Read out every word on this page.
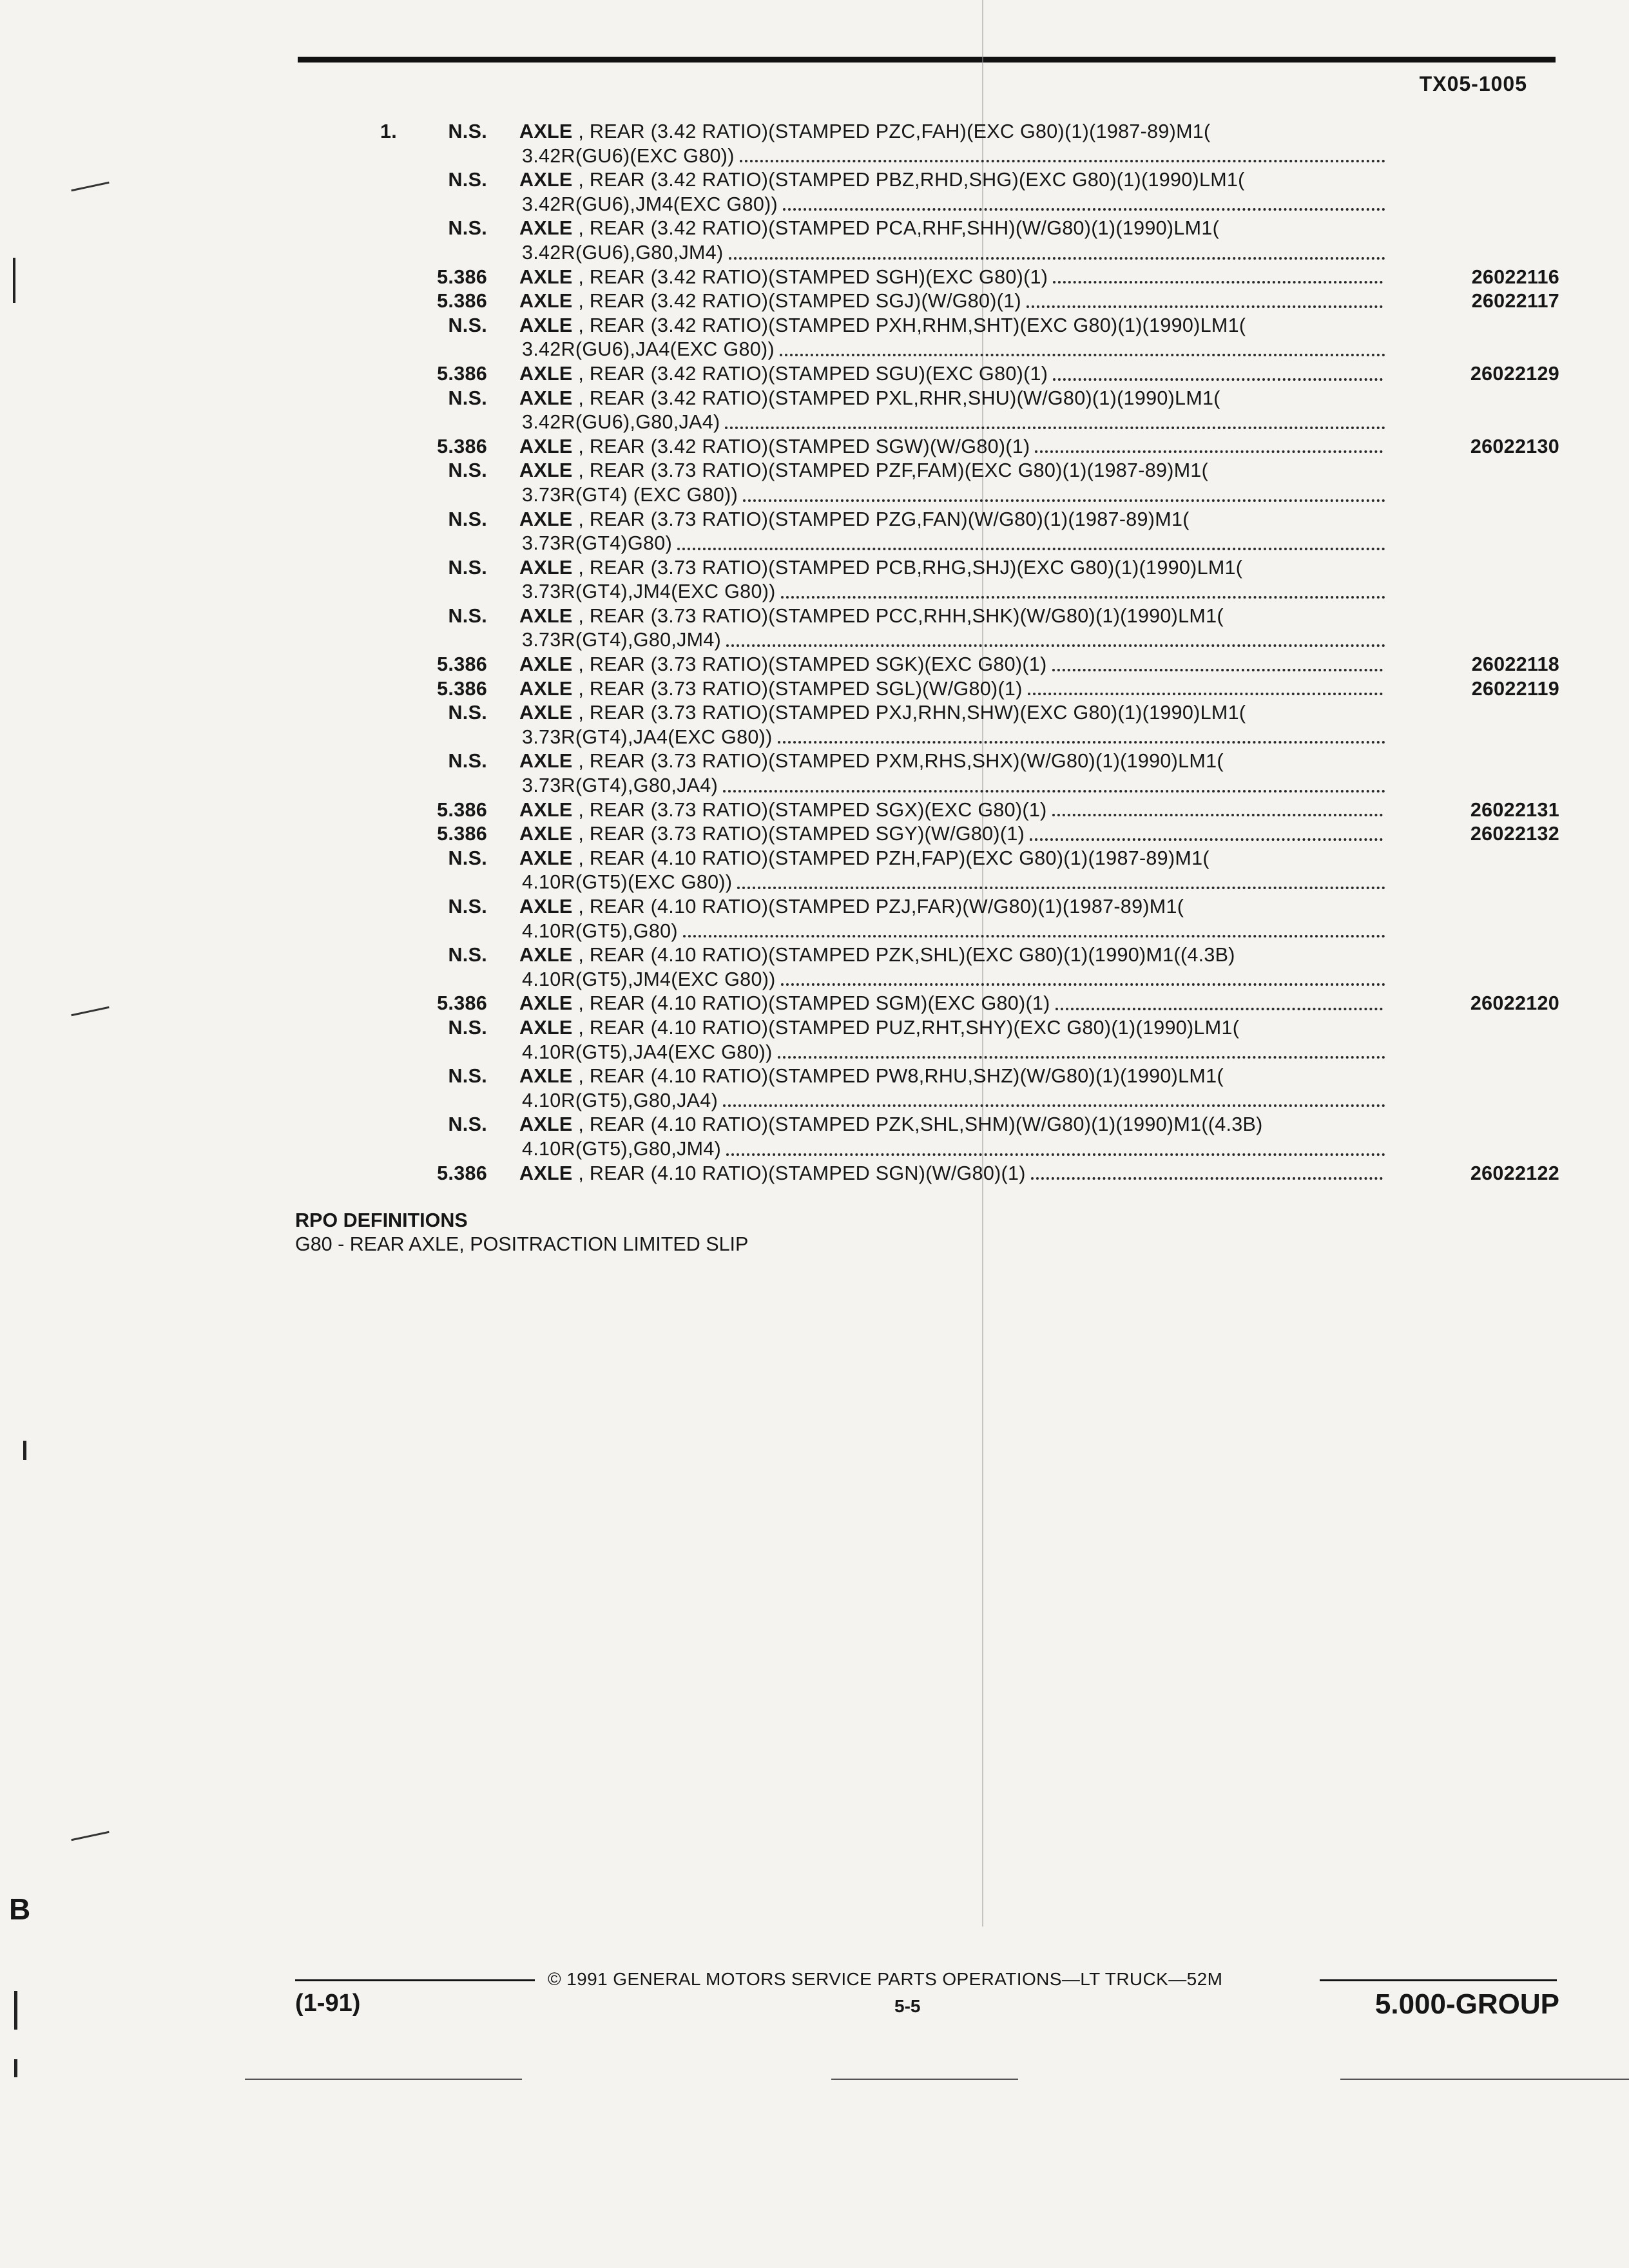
TX05-1005
1.	N.S. AXLE , REAR (3.42 RATIO)(STAMPED PZC,FAH)(EXC G80)(1)(1987-89)M1(
3.42R(GU6)(EXC G80))
N.S. AXLE , REAR (3.42 RATIO)(STAMPED PBZ,RHD,SHG)(EXC G80)(1)(1990)LM1(
3.42R(GU6),JM4(EXC G80))
N.S. AXLE , REAR (3.42 RATIO)(STAMPED PCA,RHF,SHH)(W/G80)(1)(1990)LM1(
3.42R(GU6),G80,JM4)
5.386 AXLE , REAR (3.42 RATIO)(STAMPED SGH)(EXC G80)(1)	26022116
5.386 AXLE , REAR (3.42 RATIO)(STAMPED SGJ)(W/G80)(1)	26022117
N.S. AXLE , REAR (3.42 RATIO)(STAMPED PXH,RHM,SHT)(EXC G80)(1)(1990)LM1(
3.42R(GU6),JA4(EXC G80))
5.386 AXLE , REAR (3.42 RATIO)(STAMPED SGU)(EXC G80)(1)	26022129
N.S. AXLE , REAR (3.42 RATIO)(STAMPED PXL,RHR,SHU)(W/G80)(1)(1990)LM1(
3.42R(GU6),G80,JA4)
5.386 AXLE , REAR (3.42 RATIO)(STAMPED SGW)(W/G80)(1)	26022130
N.S. AXLE , REAR (3.73 RATIO)(STAMPED PZF,FAM)(EXC G80)(1)(1987-89)M1(
3.73R(GT4) (EXC G80))
N.S. AXLE , REAR (3.73 RATIO)(STAMPED PZG,FAN)(W/G80)(1)(1987-89)M1(
3.73R(GT4)G80)
N.S. AXLE , REAR (3.73 RATIO)(STAMPED PCB,RHG,SHJ)(EXC G80)(1)(1990)LM1(
3.73R(GT4),JM4(EXC G80))
N.S. AXLE , REAR (3.73 RATIO)(STAMPED PCC,RHH,SHK)(W/G80)(1)(1990)LM1(
3.73R(GT4),G80,JM4)
5.386 AXLE , REAR (3.73 RATIO)(STAMPED SGK)(EXC G80)(1)	26022118
5.386 AXLE , REAR (3.73 RATIO)(STAMPED SGL)(W/G80)(1)	26022119
N.S. AXLE , REAR (3.73 RATIO)(STAMPED PXJ,RHN,SHW)(EXC G80)(1)(1990)LM1(
3.73R(GT4),JA4(EXC G80))
N.S. AXLE , REAR (3.73 RATIO)(STAMPED PXM,RHS,SHX)(W/G80)(1)(1990)LM1(
3.73R(GT4),G80,JA4)
5.386 AXLE , REAR (3.73 RATIO)(STAMPED SGX)(EXC G80)(1)	26022131
5.386 AXLE , REAR (3.73 RATIO)(STAMPED SGY)(W/G80)(1)	26022132
N.S. AXLE , REAR (4.10 RATIO)(STAMPED PZH,FAP)(EXC G80)(1)(1987-89)M1(
4.10R(GT5)(EXC G80))
N.S. AXLE , REAR (4.10 RATIO)(STAMPED PZJ,FAR)(W/G80)(1)(1987-89)M1(
4.10R(GT5),G80)
N.S. AXLE , REAR (4.10 RATIO)(STAMPED PZK,SHL)(EXC G80)(1)(1990)M1((4.3B)
4.10R(GT5),JM4(EXC G80))
5.386 AXLE , REAR (4.10 RATIO)(STAMPED SGM)(EXC G80)(1)	26022120
N.S. AXLE , REAR (4.10 RATIO)(STAMPED PUZ,RHT,SHY)(EXC G80)(1)(1990)LM1(
4.10R(GT5),JA4(EXC G80))
N.S. AXLE , REAR (4.10 RATIO)(STAMPED PW8,RHU,SHZ)(W/G80)(1)(1990)LM1(
4.10R(GT5),G80,JA4)
N.S. AXLE , REAR (4.10 RATIO)(STAMPED PZK,SHL,SHM)(W/G80)(1)(1990)M1((4.3B)
4.10R(GT5),G80,JM4)
5.386 AXLE , REAR (4.10 RATIO)(STAMPED SGN)(W/G80)(1)	26022122
RPO DEFINITIONS
G80 - REAR AXLE, POSITRACTION LIMITED SLIP
© 1991 GENERAL MOTORS SERVICE PARTS OPERATIONS—LT TRUCK—52M
(1-91)	5-5	5.000-GROUP
B
